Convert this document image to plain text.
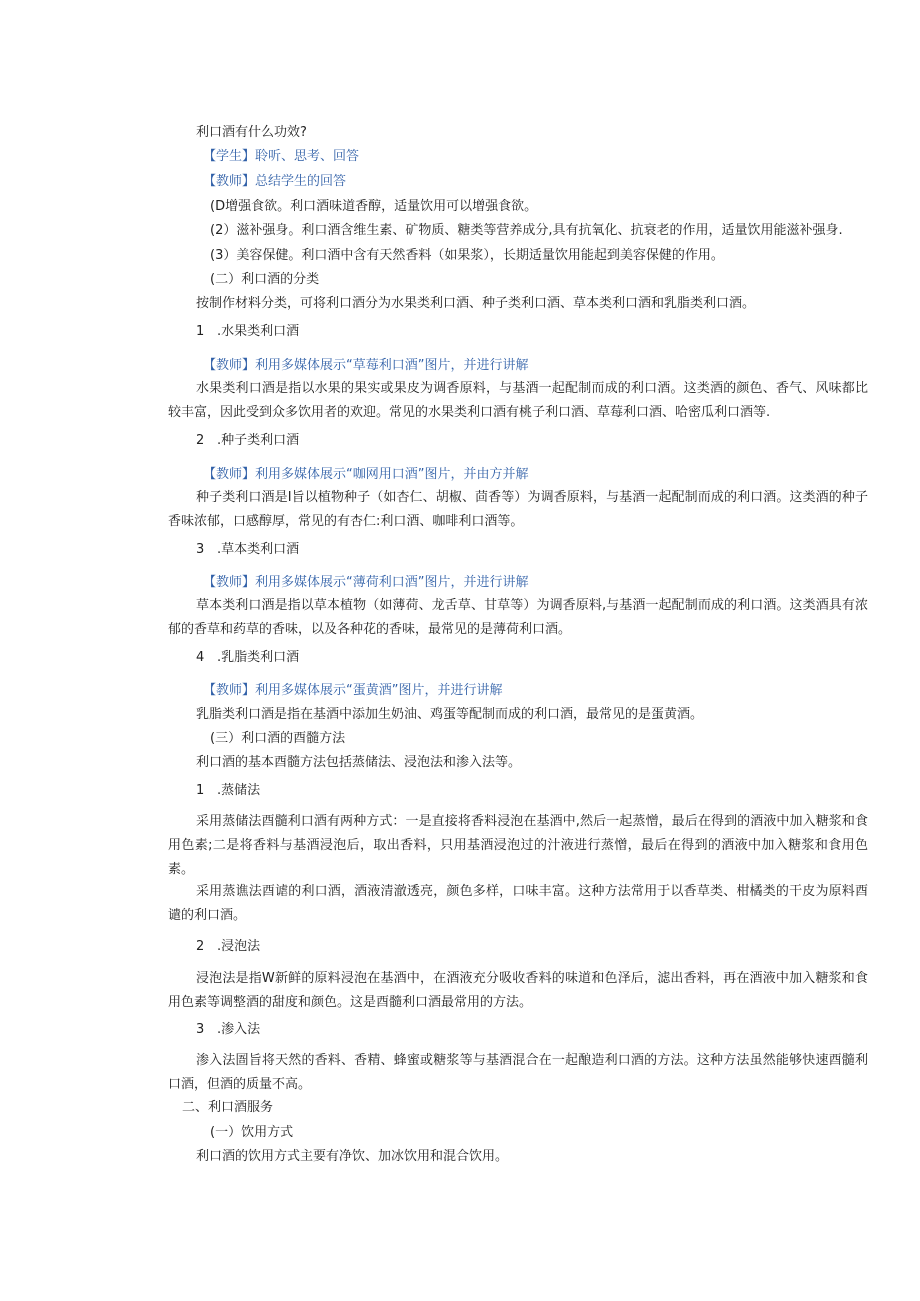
利口酒有什么功效?
【学生】聆听、思考、回答
【教师】总结学生的回答
(D增强食欲。利口酒味道香醇，适量饮用可以增强食欲。
(2）滋补强身。利口酒含维生素、矿物质、糖类等营养成分,具有抗氧化、抗衰老的作用，适量饮用能滋补强身.
(3）美容保健。利口酒中含有天然香料（如果浆），长期适量饮用能起到美容保健的作用。
(二）利口酒的分类
按制作材料分类，可将利口酒分为水果类利口酒、种子类利口酒、草本类利口酒和乳脂类利口酒。
1 .水果类利口酒
【教师】利用多媒体展示“草莓利口酒”图片，并进行讲解
水果类利口酒是指以水果的果实或果皮为调香原料，与基酒一起配制而成的利口酒。这类酒的颜色、香气、风味都比较丰富，因此受到众多饮用者的欢迎。常见的水果类利口酒有桃子利口酒、草莓利口酒、哈密瓜利口酒等.
2 .种子类利口酒
【教师】利用多媒体展示“咖网用口酒”图片，并由方并解
种子类利口酒是I旨以植物种子（如杏仁、胡椒、茴香等）为调香原料，与基酒一起配制而成的利口酒。这类酒的种子香味浓郁，口感醇厚，常见的有杏仁:利口酒、咖啡利口酒等。
3 .草本类利口酒
【教师】利用多媒体展示“薄荷利口酒”图片，并进行讲解
草本类利口酒是指以草本植物（如薄荷、龙舌草、甘草等）为调香原料,与基酒一起配制而成的利口酒。这类酒具有浓郁的香草和药草的香味，以及各种花的香味，最常见的是薄荷利口酒。
4 .乳脂类利口酒
【教师】利用多媒体展示“蛋黄酒”图片，并进行讲解
乳脂类利口酒是指在基酒中添加生奶油、鸡蛋等配制而成的利口酒，最常见的是蛋黄酒。
(三）利口酒的酉髓方法
利口酒的基本酉髓方法包括蒸储法、浸泡法和渗入法等。
1 .蒸储法
采用蒸储法酉髓利口酒有两种方式：一是直接将香料浸泡在基酒中,然后一起蒸憎，最后在得到的酒液中加入糖浆和食用色素;二是将香料与基酒浸泡后，取出香料，只用基酒浸泡过的汁液进行蒸憎，最后在得到的酒液中加入糖浆和食用色素。
采用蒸谯法酉谑的利口酒，酒液清澈透亮，颜色多样，口味丰富。这种方法常用于以香草类、柑橘类的干皮为原料酉谴的利口酒。
2 .浸泡法
浸泡法是指W新鲜的原料浸泡在基酒中，在酒液充分吸收香料的味道和色泽后，滤出香料，再在酒液中加入糖浆和食用色素等调整酒的甜度和颜色。这是酉髓利口酒最常用的方法。
3 .渗入法
渗入法圄旨将天然的香料、香精、蜂蜜或糖浆等与基酒混合在一起酿造利口酒的方法。这种方法虽然能够快速酉髓利口酒，但酒的质量不高。
二、利口酒服务
(一）饮用方式
利口酒的饮用方式主要有净饮、加冰饮用和混合饮用。
